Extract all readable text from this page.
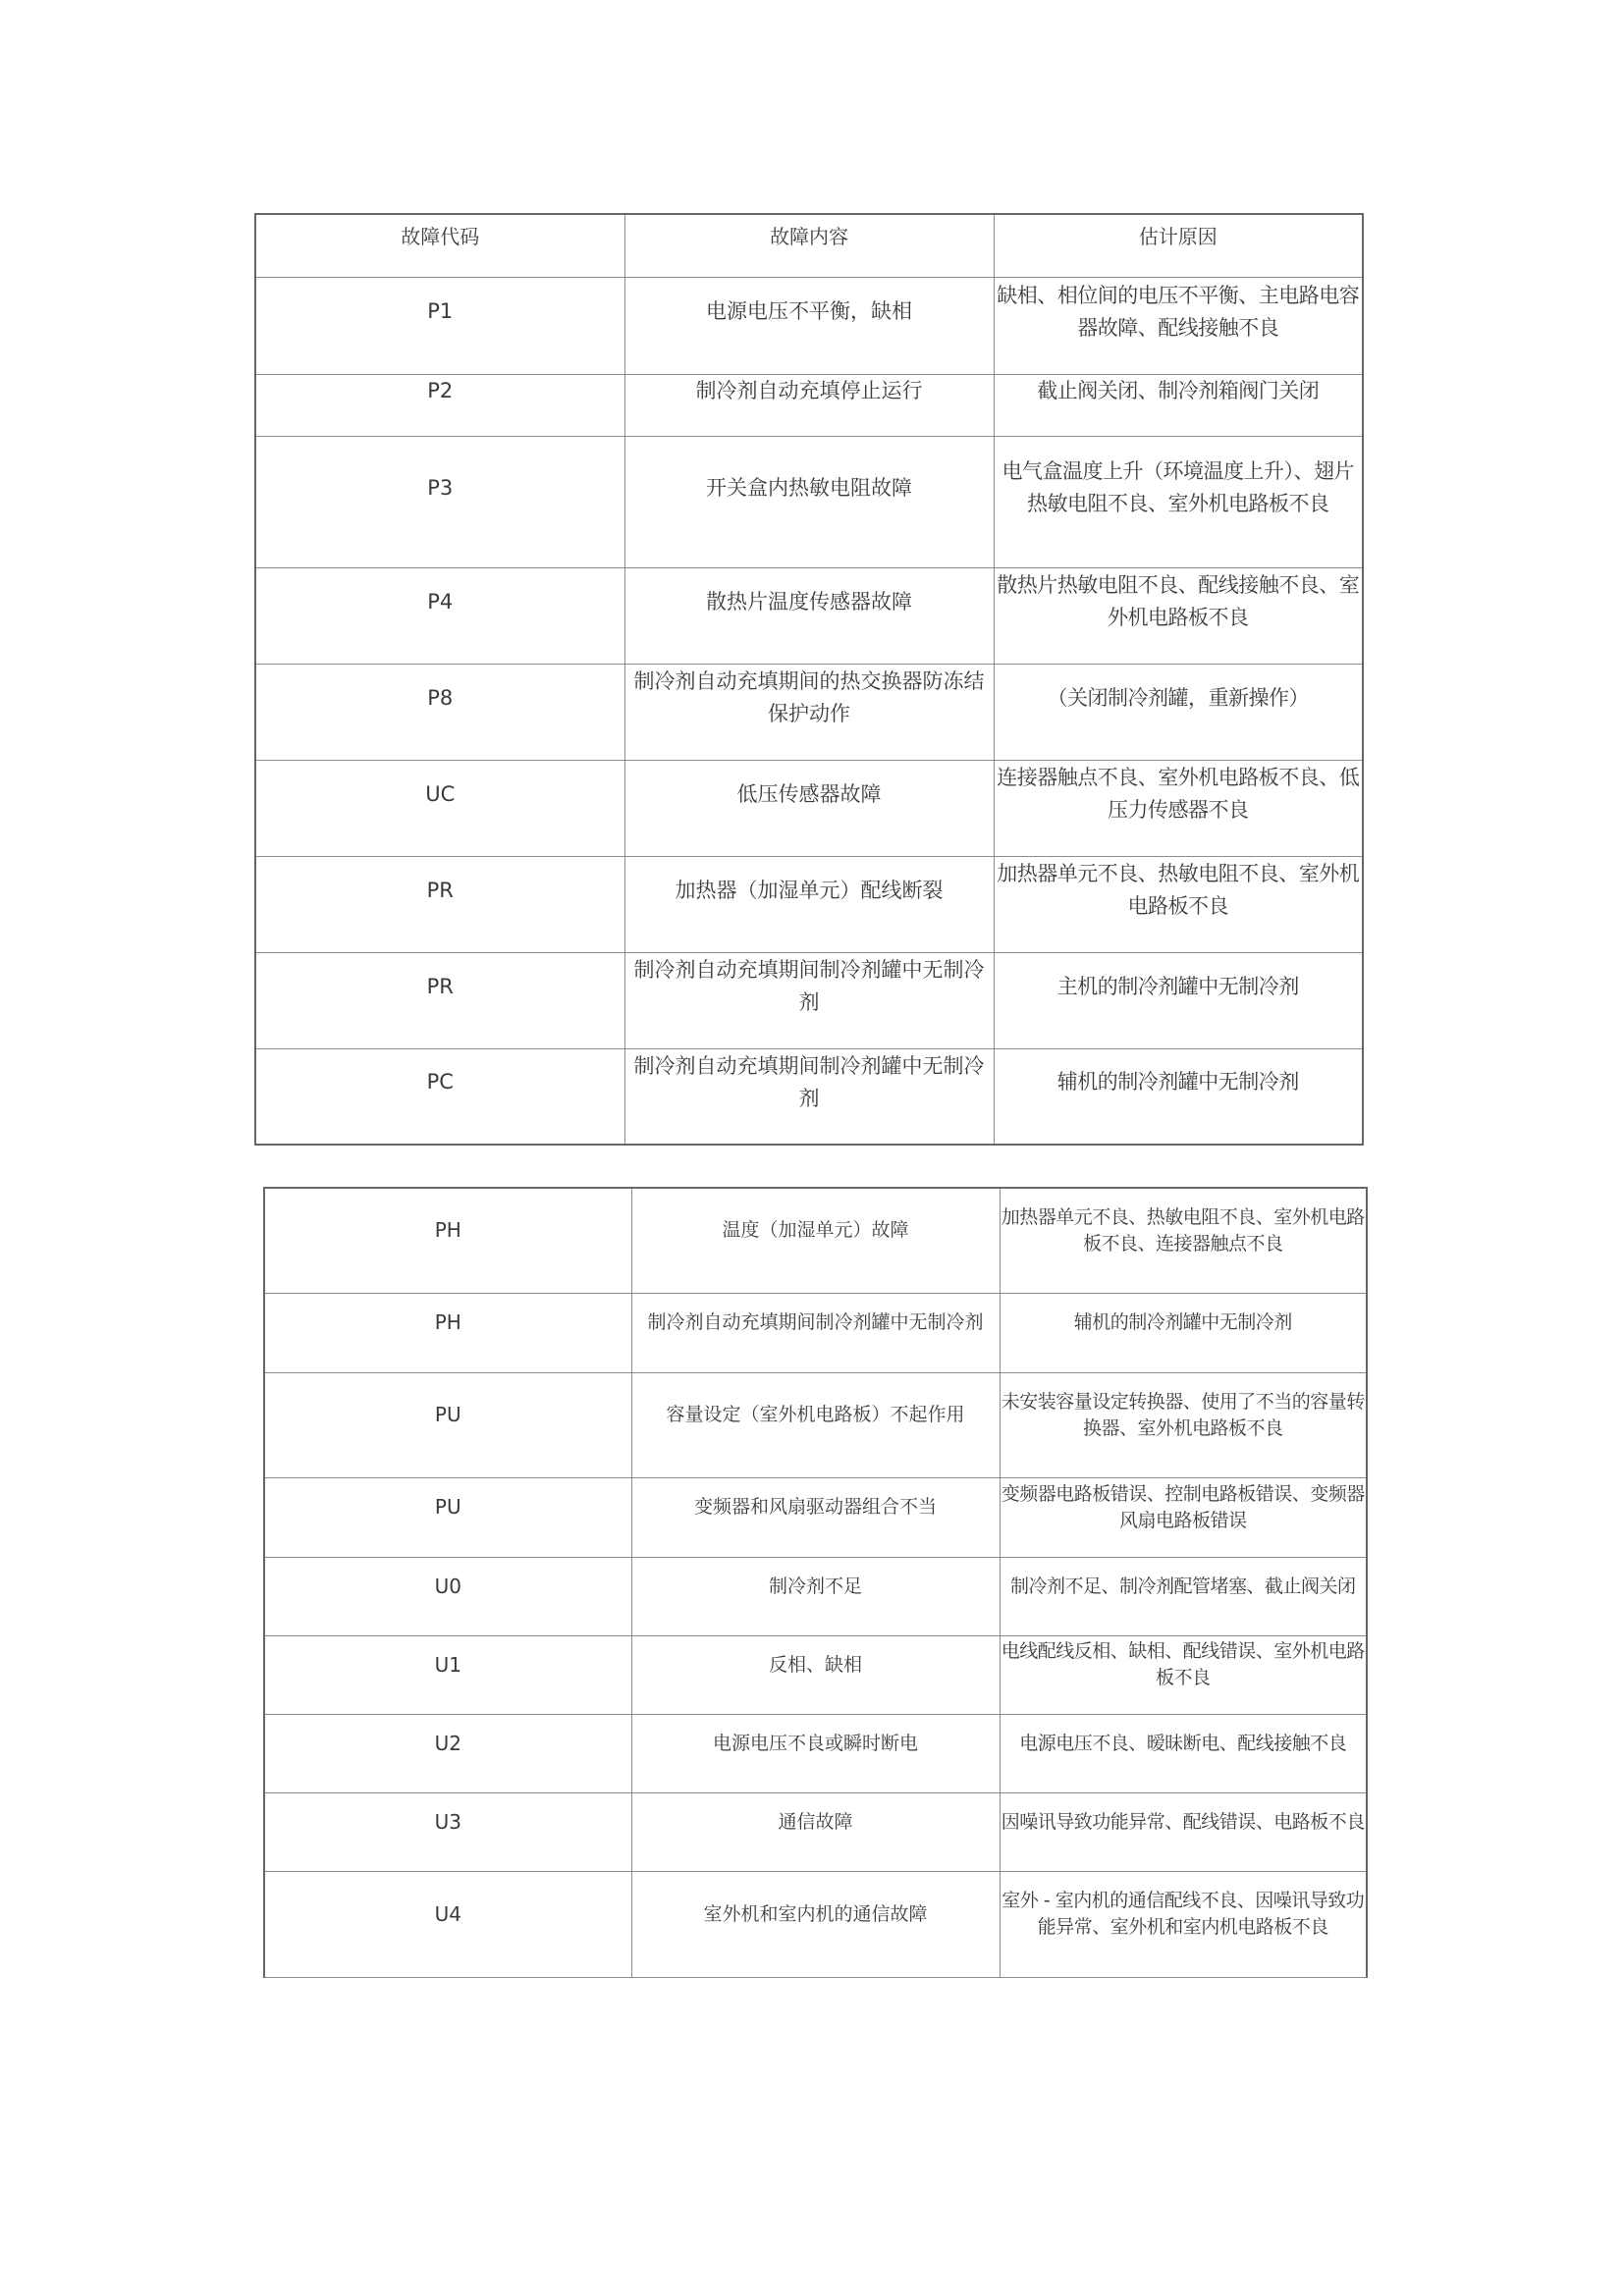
故障代码	故障内容	估计原因
P1	电源电压不平衡，缺相	缺相、相位间的电压不平衡、主电路电容器故障、配线接触不良
P2	制冷剂自动充填停止运行	截止阀关闭、制冷剂箱阀门关闭
P3	开关盒内热敏电阻故障	电气盒温度上升（环境温度上升）、翅片热敏电阻不良、室外机电路板不良
P4	散热片温度传感器故障	散热片热敏电阻不良、配线接触不良、室外机电路板不良
P8	制冷剂自动充填期间的热交换器防冻结保护动作	（关闭制冷剂罐，重新操作）
UC	低压传感器故障	连接器触点不良、室外机电路板不良、低压力传感器不良
PR	加热器（加湿单元）配线断裂	加热器单元不良、热敏电阻不良、室外机电路板不良
PR	制冷剂自动充填期间制冷剂罐中无制冷剂	主机的制冷剂罐中无制冷剂
PC	制冷剂自动充填期间制冷剂罐中无制冷剂	辅机的制冷剂罐中无制冷剂
PH	温度（加湿单元）故障	加热器单元不良、热敏电阻不良、室外机电路板不良、连接器触点不良
PH	制冷剂自动充填期间制冷剂罐中无制冷剂	辅机的制冷剂罐中无制冷剂
PU	容量设定（室外机电路板）不起作用	未安装容量设定转换器、使用了不当的容量转换器、室外机电路板不良
PU	变频器和风扇驱动器组合不当	变频器电路板错误、控制电路板错误、变频器风扇电路板错误
U0	制冷剂不足	制冷剂不足、制冷剂配管堵塞、截止阀关闭
U1	反相、缺相	电线配线反相、缺相、配线错误、室外机电路板不良
U2	电源电压不良或瞬时断电	电源电压不良、暧昧断电、配线接触不良
U3	通信故障	因噪讯导致功能异常、配线错误、电路板不良
U4	室外机和室内机的通信故障	室外 - 室内机的通信配线不良、因噪讯导致功能异常、室外机和室内机电路板不良
